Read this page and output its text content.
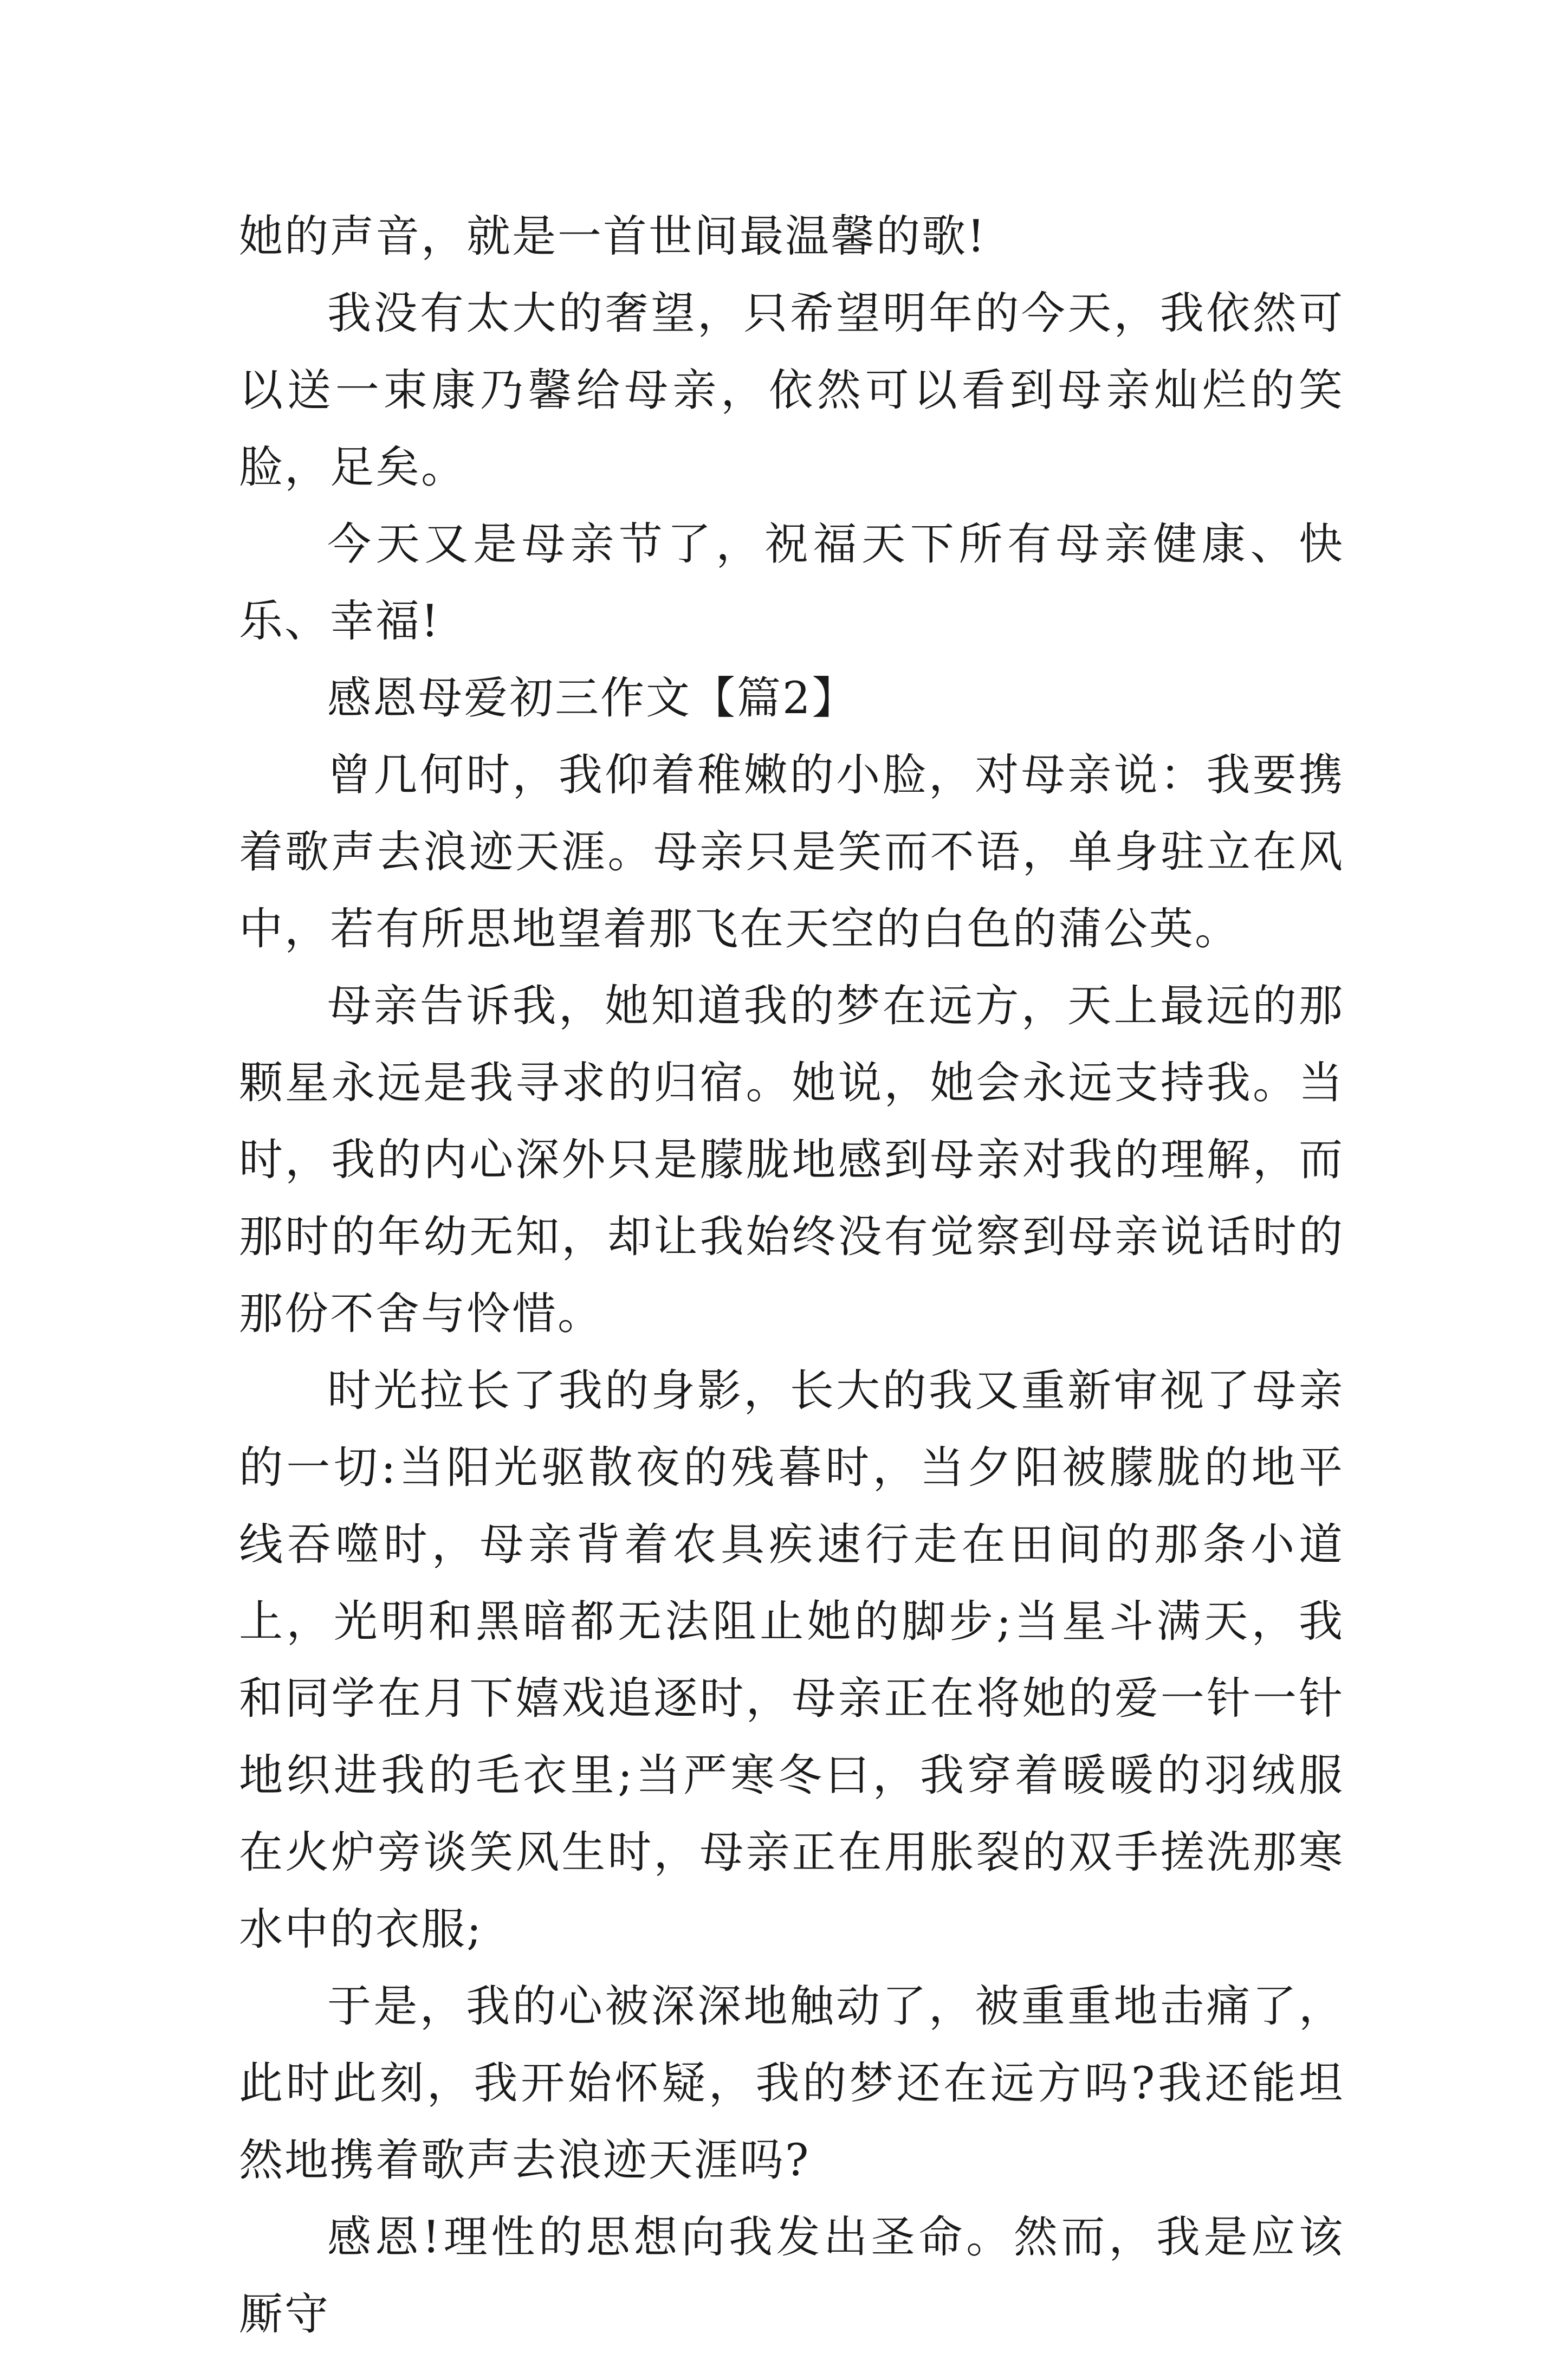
她的声音，就是一首世间最温馨的歌!

我没有太大的奢望，只希望明年的今天，我依然可以送一束康乃馨给母亲，依然可以看到母亲灿烂的笑脸，足矣。

今天又是母亲节了，祝福天下所有母亲健康、快乐、幸福!

感恩母爱初三作文【篇2】

曾几何时，我仰着稚嫩的小脸，对母亲说：我要携着歌声去浪迹天涯。母亲只是笑而不语，单身驻立在风中，若有所思地望着那飞在天空的白色的蒲公英。

母亲告诉我，她知道我的梦在远方，天上最远的那颗星永远是我寻求的归宿。她说，她会永远支持我。当时，我的内心深外只是朦胧地感到母亲对我的理解，而那时的年幼无知，却让我始终没有觉察到母亲说话时的那份不舍与怜惜。

时光拉长了我的身影，长大的我又重新审视了母亲的一切:当阳光驱散夜的残暮时，当夕阳被朦胧的地平线吞噬时，母亲背着农具疾速行走在田间的那条小道上，光明和黑暗都无法阻止她的脚步;当星斗满天，我和同学在月下嬉戏追逐时，母亲正在将她的爱一针一针地织进我的毛衣里;当严寒冬曰，我穿着暖暖的羽绒服在火炉旁谈笑风生时，母亲正在用胀裂的双手搓洗那寒水中的衣服;

于是，我的心被深深地触动了，被重重地击痛了，此时此刻，我开始怀疑，我的梦还在远方吗?我还能坦然地携着歌声去浪迹天涯吗?

感恩!理性的思想向我发出圣命。然而，我是应该厮守
